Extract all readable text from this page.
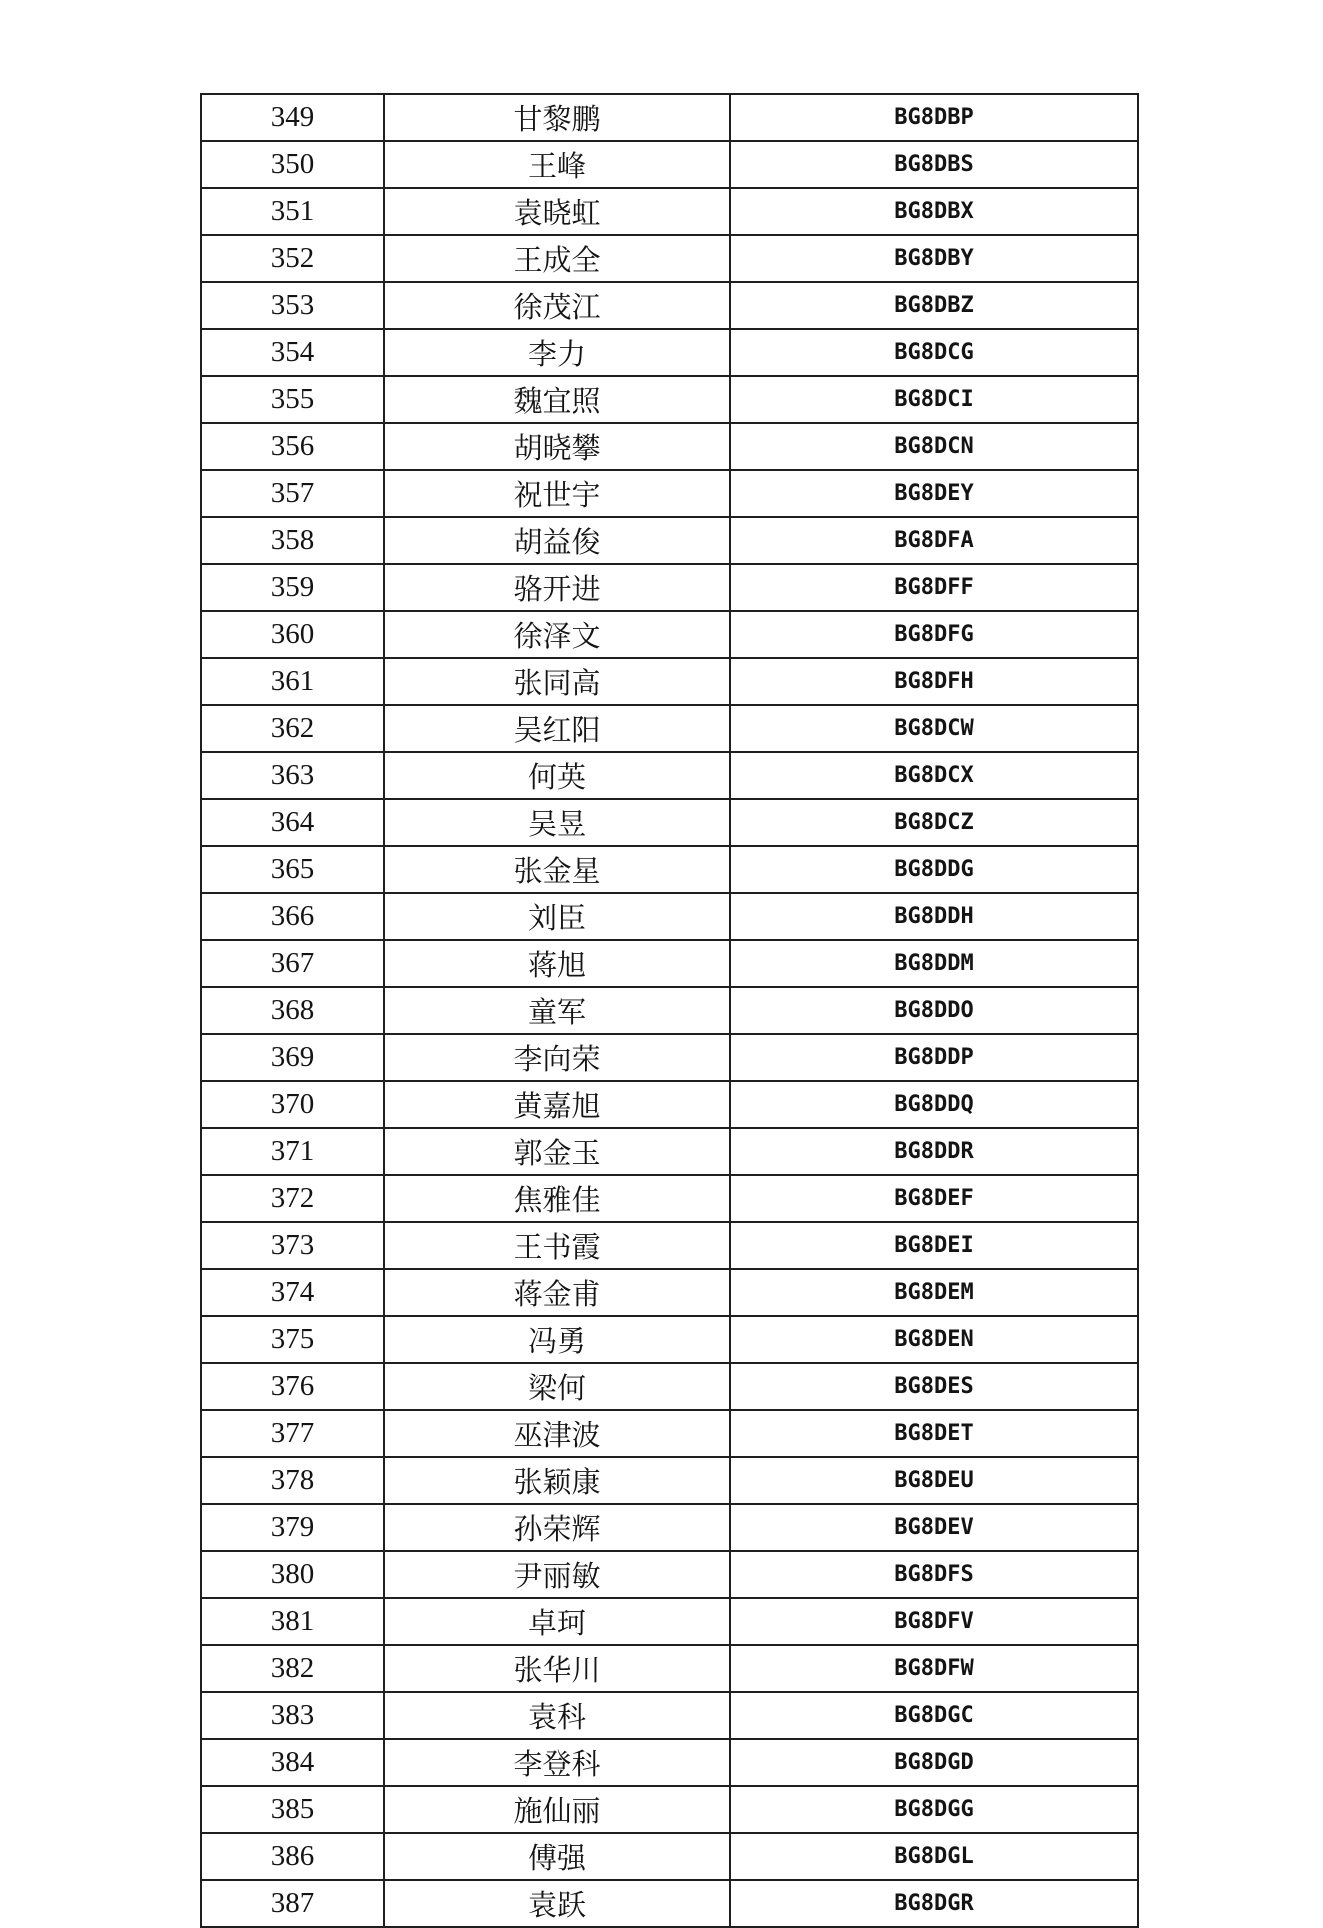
349	甘黎鹏	BG8DBP
350	王峰	BG8DBS
351	袁晓虹	BG8DBX
352	王成全	BG8DBY
353	徐茂江	BG8DBZ
354	李力	BG8DCG
355	魏宜照	BG8DCI
356	胡晓攀	BG8DCN
357	祝世宇	BG8DEY
358	胡益俊	BG8DFA
359	骆开进	BG8DFF
360	徐泽文	BG8DFG
361	张同高	BG8DFH
362	吴红阳	BG8DCW
363	何英	BG8DCX
364	吴昱	BG8DCZ
365	张金星	BG8DDG
366	刘臣	BG8DDH
367	蒋旭	BG8DDM
368	童军	BG8DDO
369	李向荣	BG8DDP
370	黄嘉旭	BG8DDQ
371	郭金玉	BG8DDR
372	焦雅佳	BG8DEF
373	王书霞	BG8DEI
374	蒋金甫	BG8DEM
375	冯勇	BG8DEN
376	梁何	BG8DES
377	巫津波	BG8DET
378	张颖康	BG8DEU
379	孙荣辉	BG8DEV
380	尹丽敏	BG8DFS
381	卓珂	BG8DFV
382	张华川	BG8DFW
383	袁科	BG8DGC
384	李登科	BG8DGD
385	施仙丽	BG8DGG
386	傅强	BG8DGL
387	袁跃	BG8DGR
